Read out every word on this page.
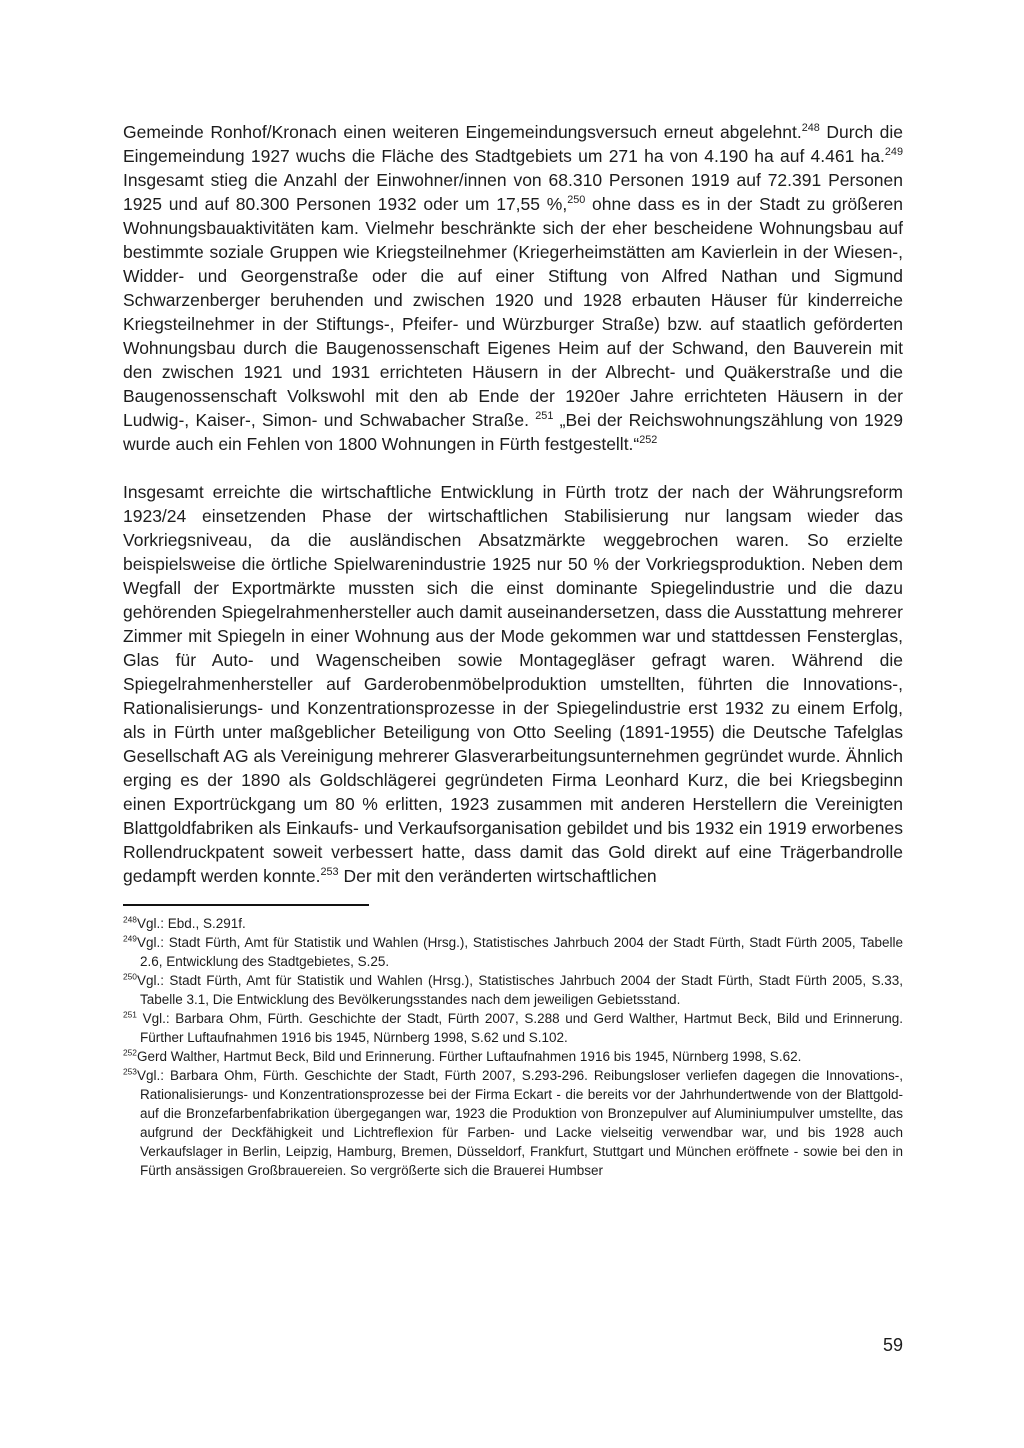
Gemeinde Ronhof/Kronach einen weiteren Eingemeindungsversuch erneut abgelehnt.$^{248}$ Durch die Eingemeindung 1927 wuchs die Fläche des Stadtgebiets um 271 ha von 4.190 ha auf 4.461 ha.$^{249}$ Insgesamt stieg die Anzahl der Einwohner/innen von 68.310 Personen 1919 auf 72.391 Personen 1925 und auf 80.300 Personen 1932 oder um 17,55 %,$^{250}$ ohne dass es in der Stadt zu größeren Wohnungsbauaktivitäten kam. Vielmehr beschränkte sich der eher bescheidene Wohnungsbau auf bestimmte soziale Gruppen wie Kriegsteilnehmer (Kriegerheimstätten am Kavierlein in der Wiesen-, Widder- und Georgenstraße oder die auf einer Stiftung von Alfred Nathan und Sigmund Schwarzenberger beruhenden und zwischen 1920 und 1928 erbauten Häuser für kinderreiche Kriegsteilnehmer in der Stiftungs-, Pfeifer- und Würzburger Straße) bzw. auf staatlich geförderten Wohnungsbau durch die Baugenossenschaft Eigenes Heim auf der Schwand, den Bauverein mit den zwischen 1921 und 1931 errichteten Häusern in der Albrecht- und Quäkerstraße und die Baugenossenschaft Volkswohl mit den ab Ende der 1920er Jahre errichteten Häusern in der Ludwig-, Kaiser-, Simon- und Schwabacher Straße. $^{251}$ „Bei der Reichswohnungszählung von 1929 wurde auch ein Fehlen von 1800 Wohnungen in Fürth festgestellt.“$^{252}$

Insgesamt erreichte die wirtschaftliche Entwicklung in Fürth trotz der nach der Währungsreform 1923/24 einsetzenden Phase der wirtschaftlichen Stabilisierung nur langsam wieder das Vorkriegsniveau, da die ausländischen Absatzmärkte weggebrochen waren. So erzielte beispielsweise die örtliche Spielwarenindustrie 1925 nur 50 % der Vorkriegsproduktion. Neben dem Wegfall der Exportmärkte mussten sich die einst dominante Spiegelindustrie und die dazu gehörenden Spiegelrahmenhersteller auch damit auseinandersetzen, dass die Ausstattung mehrerer Zimmer mit Spiegeln in einer Wohnung aus der Mode gekommen war und stattdessen Fensterglas, Glas für Auto- und Wagenscheiben sowie Montagegläser gefragt waren. Während die Spiegelrahmenhersteller auf Garderobenmöbelproduktion umstellten, führten die Innovations-, Rationalisierungs- und Konzentrationsprozesse in der Spiegelindustrie erst 1932 zu einem Erfolg, als in Fürth unter maßgeblicher Beteiligung von Otto Seeling (1891-1955) die Deutsche Tafelglas Gesellschaft AG als Vereinigung mehrerer Glasverarbeitungsunternehmen gegründet wurde. Ähnlich erging es der 1890 als Goldschlägerei gegründeten Firma Leonhard Kurz, die bei Kriegsbeginn einen Exportrückgang um 80 % erlitten, 1923 zusammen mit anderen Herstellern die Vereinigten Blattgoldfabriken als Einkaufs- und Verkaufsorganisation gebildet und bis 1932 ein 1919 erworbenes Rollendruckpatent soweit verbessert hatte, dass damit das Gold direkt auf eine Trägerbandrolle gedampft werden konnte.$^{253}$ Der mit den veränderten wirtschaftlichen

$^{248}$Vgl.: Ebd., S.291f.

$^{249}$Vgl.: Stadt Fürth, Amt für Statistik und Wahlen (Hrsg.), Statistisches Jahrbuch 2004 der Stadt Fürth, Stadt Fürth 2005, Tabelle 2.6, Entwicklung des Stadtgebietes, S.25.

$^{250}$Vgl.: Stadt Fürth, Amt für Statistik und Wahlen (Hrsg.), Statistisches Jahrbuch 2004 der Stadt Fürth, Stadt Fürth 2005, S.33, Tabelle 3.1, Die Entwicklung des Bevölkerungsstandes nach dem jeweiligen Gebietsstand.

$^{251}$ Vgl.: Barbara Ohm, Fürth. Geschichte der Stadt, Fürth 2007, S.288 und Gerd Walther, Hartmut Beck, Bild und Erinnerung. Fürther Luftaufnahmen 1916 bis 1945, Nürnberg 1998, S.62 und S.102.

$^{252}$Gerd Walther, Hartmut Beck, Bild und Erinnerung. Fürther Luftaufnahmen 1916 bis 1945, Nürnberg 1998, S.62.

$^{253}$Vgl.: Barbara Ohm, Fürth. Geschichte der Stadt, Fürth 2007, S.293-296. Reibungsloser verliefen dagegen die Innovations-, Rationalisierungs- und Konzentrationsprozesse bei der Firma Eckart - die bereits vor der Jahrhundertwende von der Blattgold- auf die Bronzefarbenfabrikation übergegangen war, 1923 die Produktion von Bronzepulver auf Aluminiumpulver umstellte, das aufgrund der Deckfähigkeit und Lichtreflexion für Farben- und Lacke vielseitig verwendbar war, und bis 1928 auch Verkaufslager in Berlin, Leipzig, Hamburg, Bremen, Düsseldorf, Frankfurt, Stuttgart und München eröffnete - sowie bei den in Fürth ansässigen Großbrauereien. So vergrößerte sich die Brauerei Humbser

59
